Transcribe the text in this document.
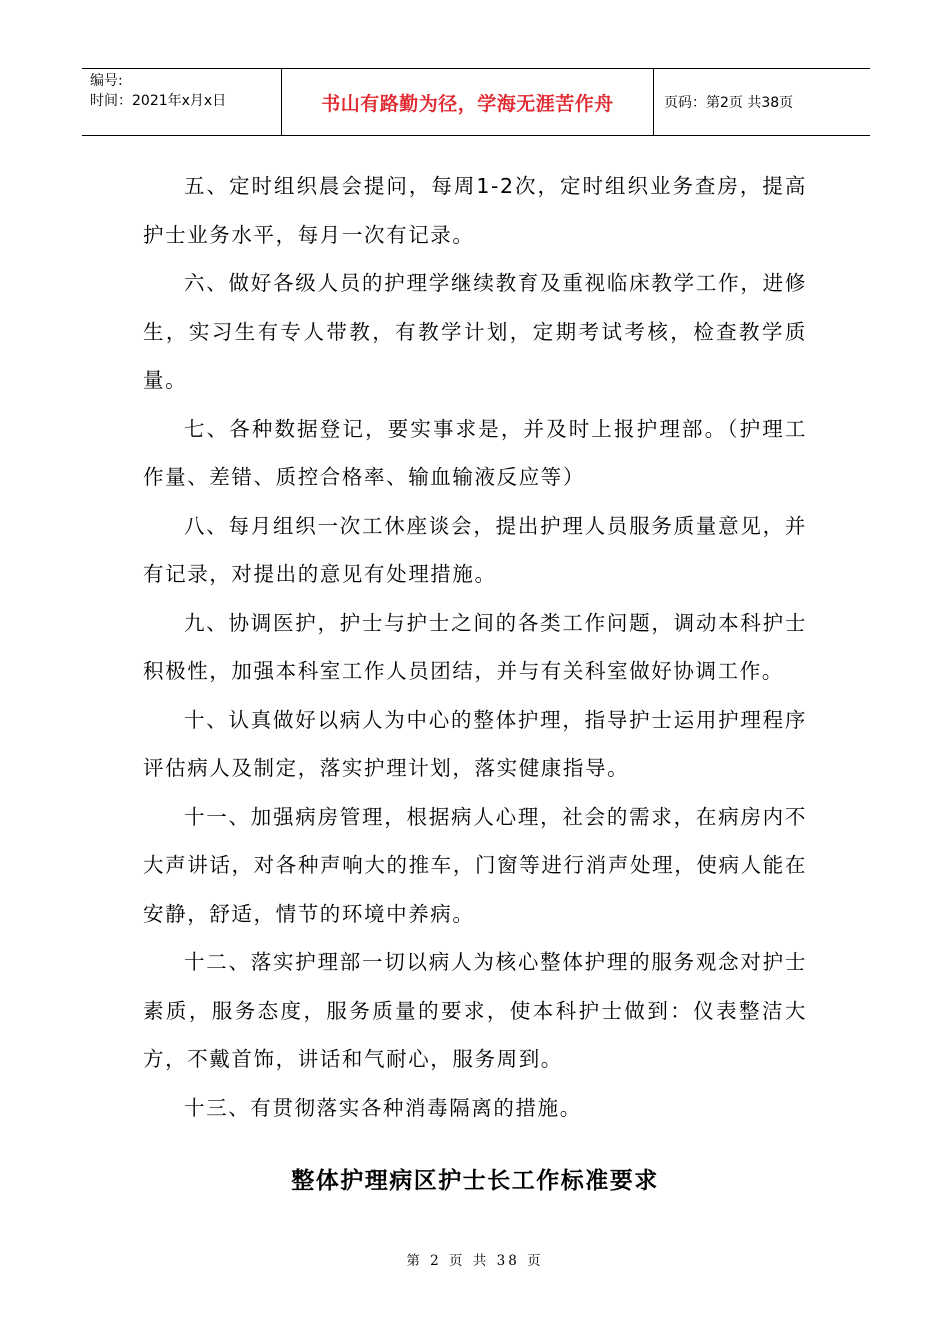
编号:
时间：2021年x月x日	书山有路勤为径，学海无涯苦作舟	页码：第2页 共38页

五、定时组织晨会提问，每周1-2次，定时组织业务查房，提高护士业务水平，每月一次有记录。

六、做好各级人员的护理学继续教育及重视临床教学工作，进修生，实习生有专人带教，有教学计划，定期考试考核，检查教学质量。

七、各种数据登记，要实事求是，并及时上报护理部。（护理工作量、差错、质控合格率、输血输液反应等）

八、每月组织一次工休座谈会，提出护理人员服务质量意见，并有记录，对提出的意见有处理措施。

九、协调医护，护士与护士之间的各类工作问题，调动本科护士积极性，加强本科室工作人员团结，并与有关科室做好协调工作。

十、认真做好以病人为中心的整体护理，指导护士运用护理程序评估病人及制定，落实护理计划，落实健康指导。

十一、加强病房管理，根据病人心理，社会的需求，在病房内不大声讲话，对各种声响大的推车，门窗等进行消声处理，使病人能在安静，舒适，情节的环境中养病。

十二、落实护理部一切以病人为核心整体护理的服务观念对护士素质，服务态度，服务质量的要求，使本科护士做到：仪表整洁大方，不戴首饰，讲话和气耐心，服务周到。

十三、有贯彻落实各种消毒隔离的措施。

整体护理病区护士长工作标准要求
第 2 页 共 38 页
